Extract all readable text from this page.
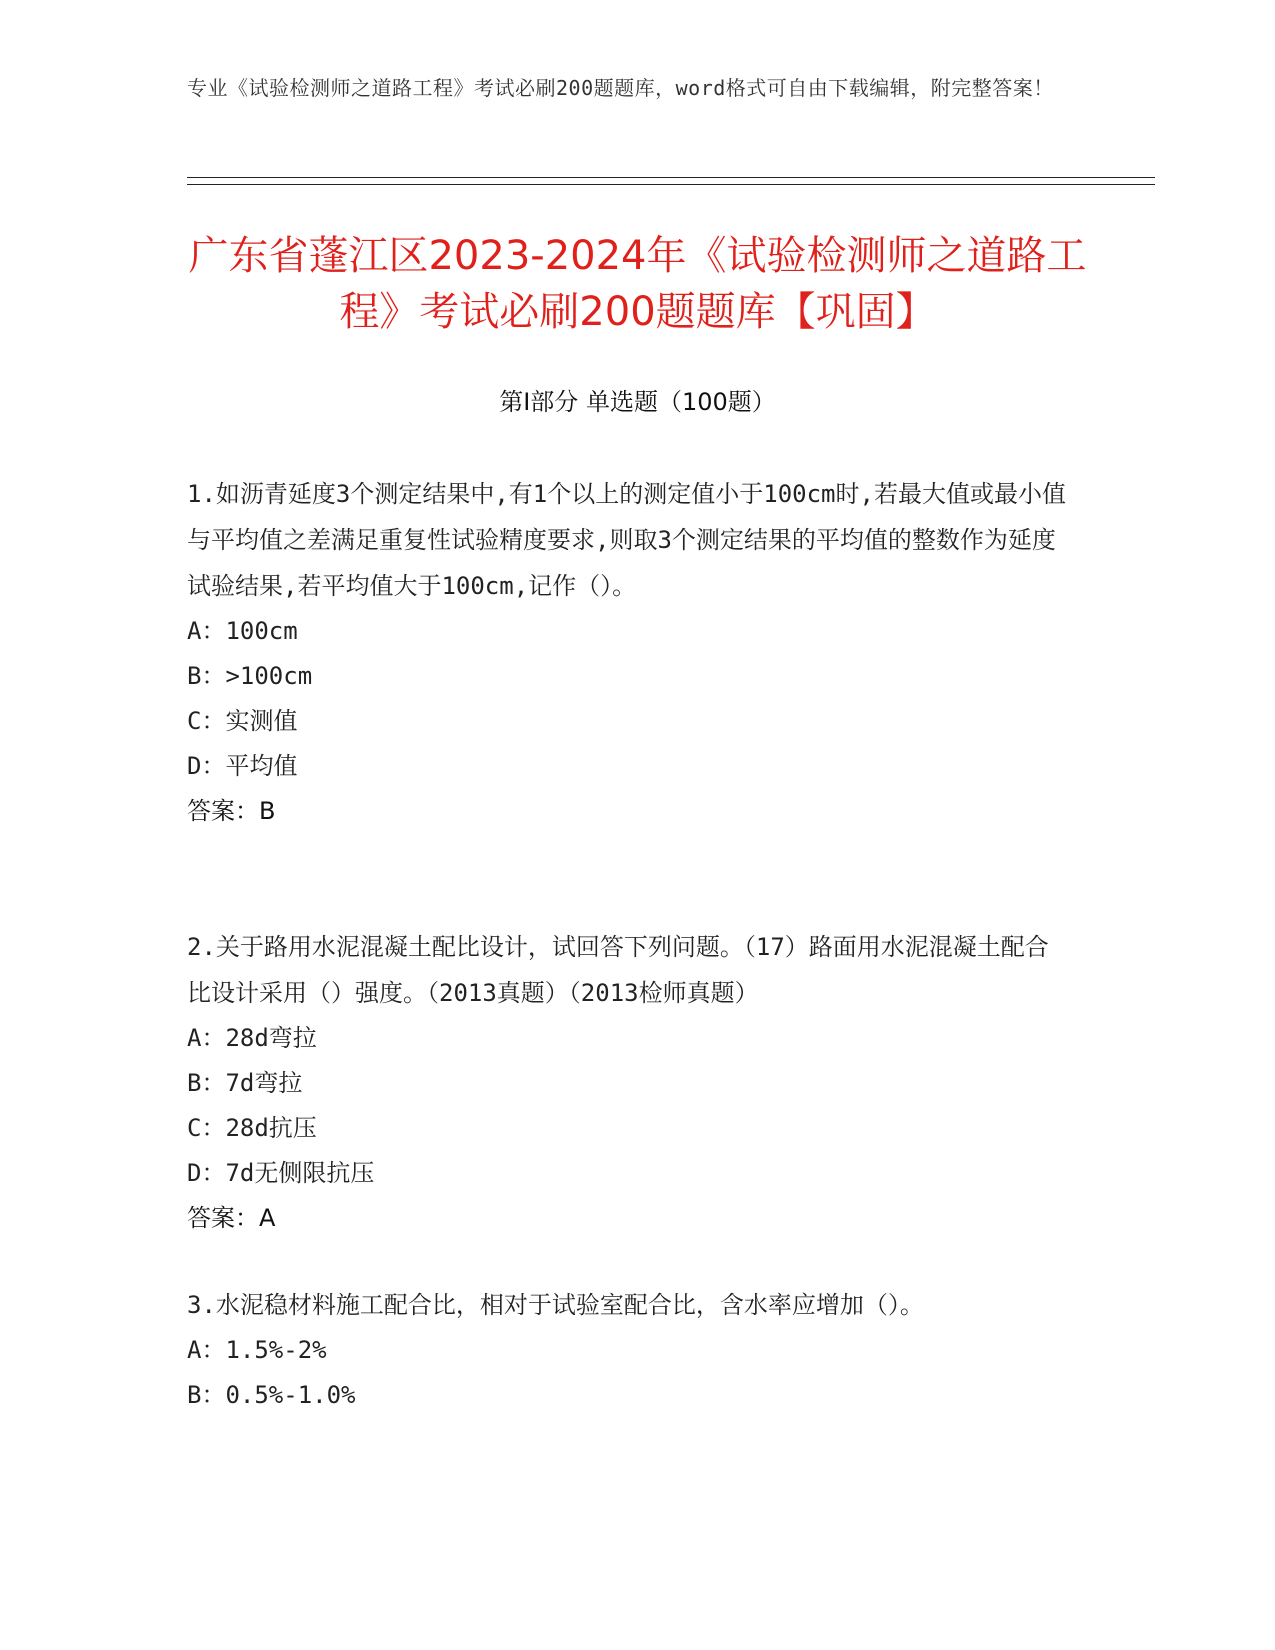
专业《试验检测师之道路工程》考试必刷200题题库，word格式可自由下载编辑，附完整答案！
广东省蓬江区2023-2024年《试验检测师之道路工程》考试必刷200题题库【巩固】
第Ⅰ部分 单选题（100题）

1.如沥青延度3个测定结果中,有1个以上的测定值小于100cm时,若最大值或最小值与平均值之差满足重复性试验精度要求,则取3个测定结果的平均值的整数作为延度试验结果,若平均值大于100cm,记作（）。

A：100cm

B：>100cm

C：实测值

D：平均值

答案：B

2.关于路用水泥混凝土配比设计，试回答下列问题。（17）路面用水泥混凝土配合比设计采用（）强度。（2013真题）（2013检师真题）

A：28d弯拉

B：7d弯拉

C：28d抗压

D：7d无侧限抗压

答案：A

3.水泥稳材料施工配合比，相对于试验室配合比，含水率应增加（）。

A：1.5%-2%

B：0.5%-1.0%
